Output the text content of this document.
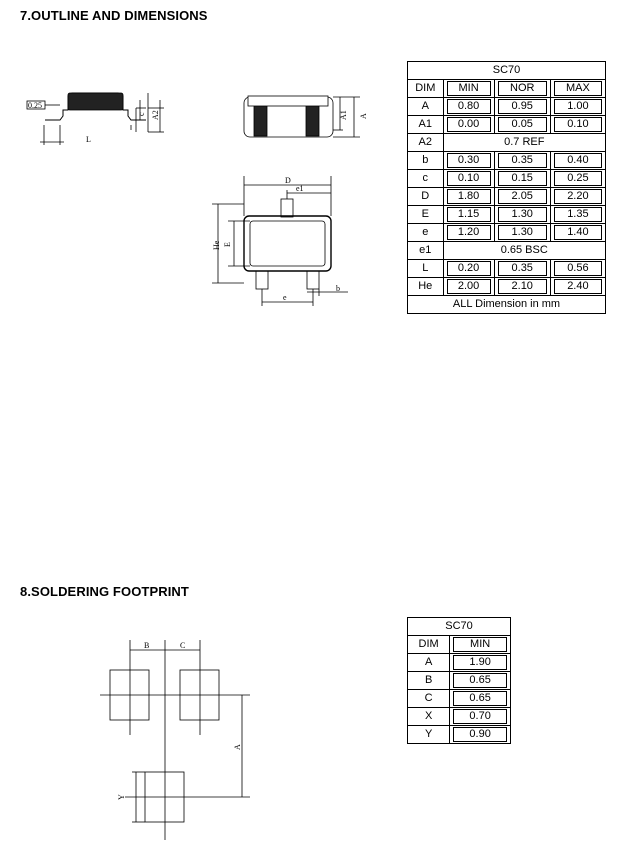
7.OUTLINE AND DIMENSIONS
8.SOLDERING FOOTPRINT
0.25
L
c A2	A1 A
D
e1
He E
e
b
B	C
A
Y
SC70			
DIM	MIN	NOR	MAX

A	0.80	0.95	1.00

A1	0.00	0.05	0.10

A2	0.7 REF		
b	0.30	0.35	0.40

c	0.10	0.15	0.25

D	1.80	2.05	2.20

E	1.15	1.30	1.35

e	1.20	1.30	1.40

e1	0.65 BSC		
L	0.20	0.35	0.56

He	2.00	2.10	2.40

ALL Dimension in mm			
SC70	
DIM	MIN

A	1.90

B	0.65

C	0.65

X	0.70

Y	0.90
